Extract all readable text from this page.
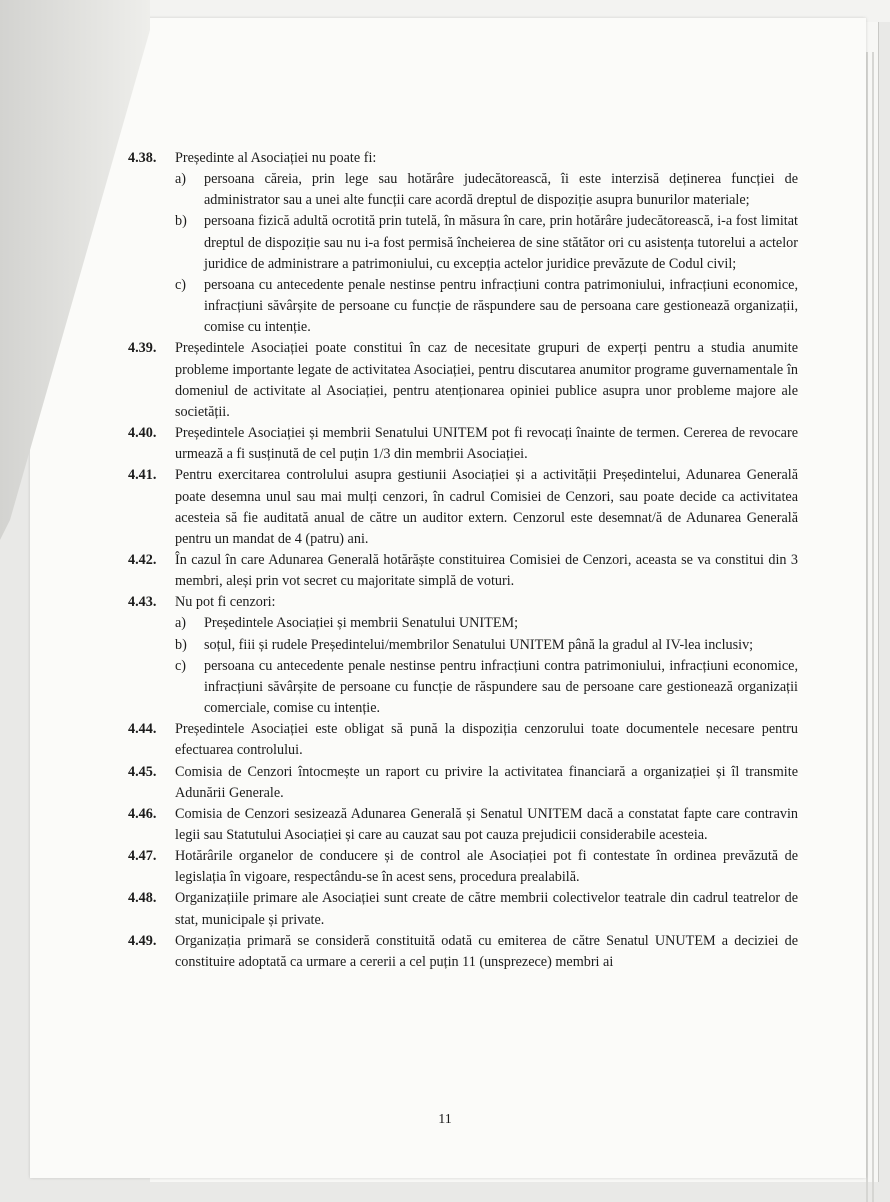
4.38.	Președinte al Asociației nu poate fi:
a)	persoana căreia, prin lege sau hotărâre judecătorească, îi este interzisă deținerea funcției de administrator sau a unei alte funcții care acordă dreptul de dispoziție asupra bunurilor materiale;
b)	persoana fizică adultă ocrotită prin tutelă, în măsura în care, prin hotărâre judecătorească, i-a fost limitat dreptul de dispoziție sau nu i-a fost permisă încheierea de sine stătător ori cu asistența tutorelui a actelor juridice de administrare a patrimoniului, cu excepția actelor juridice prevăzute de Codul civil;
c)	persoana cu antecedente penale nestinse pentru infracțiuni contra patrimoniului, infracțiuni economice, infracțiuni săvârșite de persoane cu funcție de răspundere sau de persoana care gestionează organizații, comise cu intenție.
4.39.	Președintele Asociației poate constitui în caz de necesitate grupuri de experți pentru a studia anumite probleme importante legate de activitatea Asociației, pentru discutarea anumitor programe guvernamentale în domeniul de activitate al Asociației, pentru atenționarea opiniei publice asupra unor probleme majore ale societății.
4.40.	Președintele Asociației și membrii Senatului UNITEM pot fi revocați înainte de termen. Cererea de revocare urmează a fi susținută de cel puțin 1/3 din membrii Asociației.
4.41.	Pentru exercitarea controlului asupra gestiunii Asociației și a activității Președintelui, Adunarea Generală poate desemna unul sau mai mulți cenzori, în cadrul Comisiei de Cenzori, sau poate decide ca activitatea acesteia să fie auditată anual de către un auditor extern. Cenzorul este desemnat/ă de Adunarea Generală pentru un mandat de 4 (patru) ani.
4.42.	În cazul în care Adunarea Generală hotărăște constituirea Comisiei de Cenzori, aceasta se va constitui din 3 membri, aleși prin vot secret cu majoritate simplă de voturi.
4.43.	Nu pot fi cenzori:
a)	Președintele Asociației și membrii Senatului UNITEM;
b)	soțul, fiii și rudele Președintelui/membrilor Senatului UNITEM până la gradul al IV-lea inclusiv;
c)	persoana cu antecedente penale nestinse pentru infracțiuni contra patrimoniului, infracțiuni economice, infracțiuni săvârșite de persoane cu funcție de răspundere sau de persoane care gestionează organizații comerciale, comise cu intenție.
4.44.	Președintele Asociației este obligat să pună la dispoziția cenzorului toate documentele necesare pentru efectuarea controlului.
4.45.	Comisia de Cenzori întocmește un raport cu privire la activitatea financiară a organizației și îl transmite Adunării Generale.
4.46.	Comisia de Cenzori sesizează Adunarea Generală și Senatul UNITEM dacă a constatat fapte care contravin legii sau Statutului Asociației și care au cauzat sau pot cauza prejudicii considerabile acesteia.
4.47.	Hotărârile organelor de conducere și de control ale Asociației pot fi contestate în ordinea prevăzută de legislația în vigoare, respectându-se în acest sens, procedura prealabilă.
4.48.	Organizațiile primare ale Asociației sunt create de către membrii colectivelor teatrale din cadrul teatrelor de stat, municipale și private.
4.49.	Organizația primară se consideră constituită odată cu emiterea de către Senatul UNUTEM a deciziei de constituire adoptată ca urmare a cererii a cel puțin 11 (unsprezece) membri ai
11
